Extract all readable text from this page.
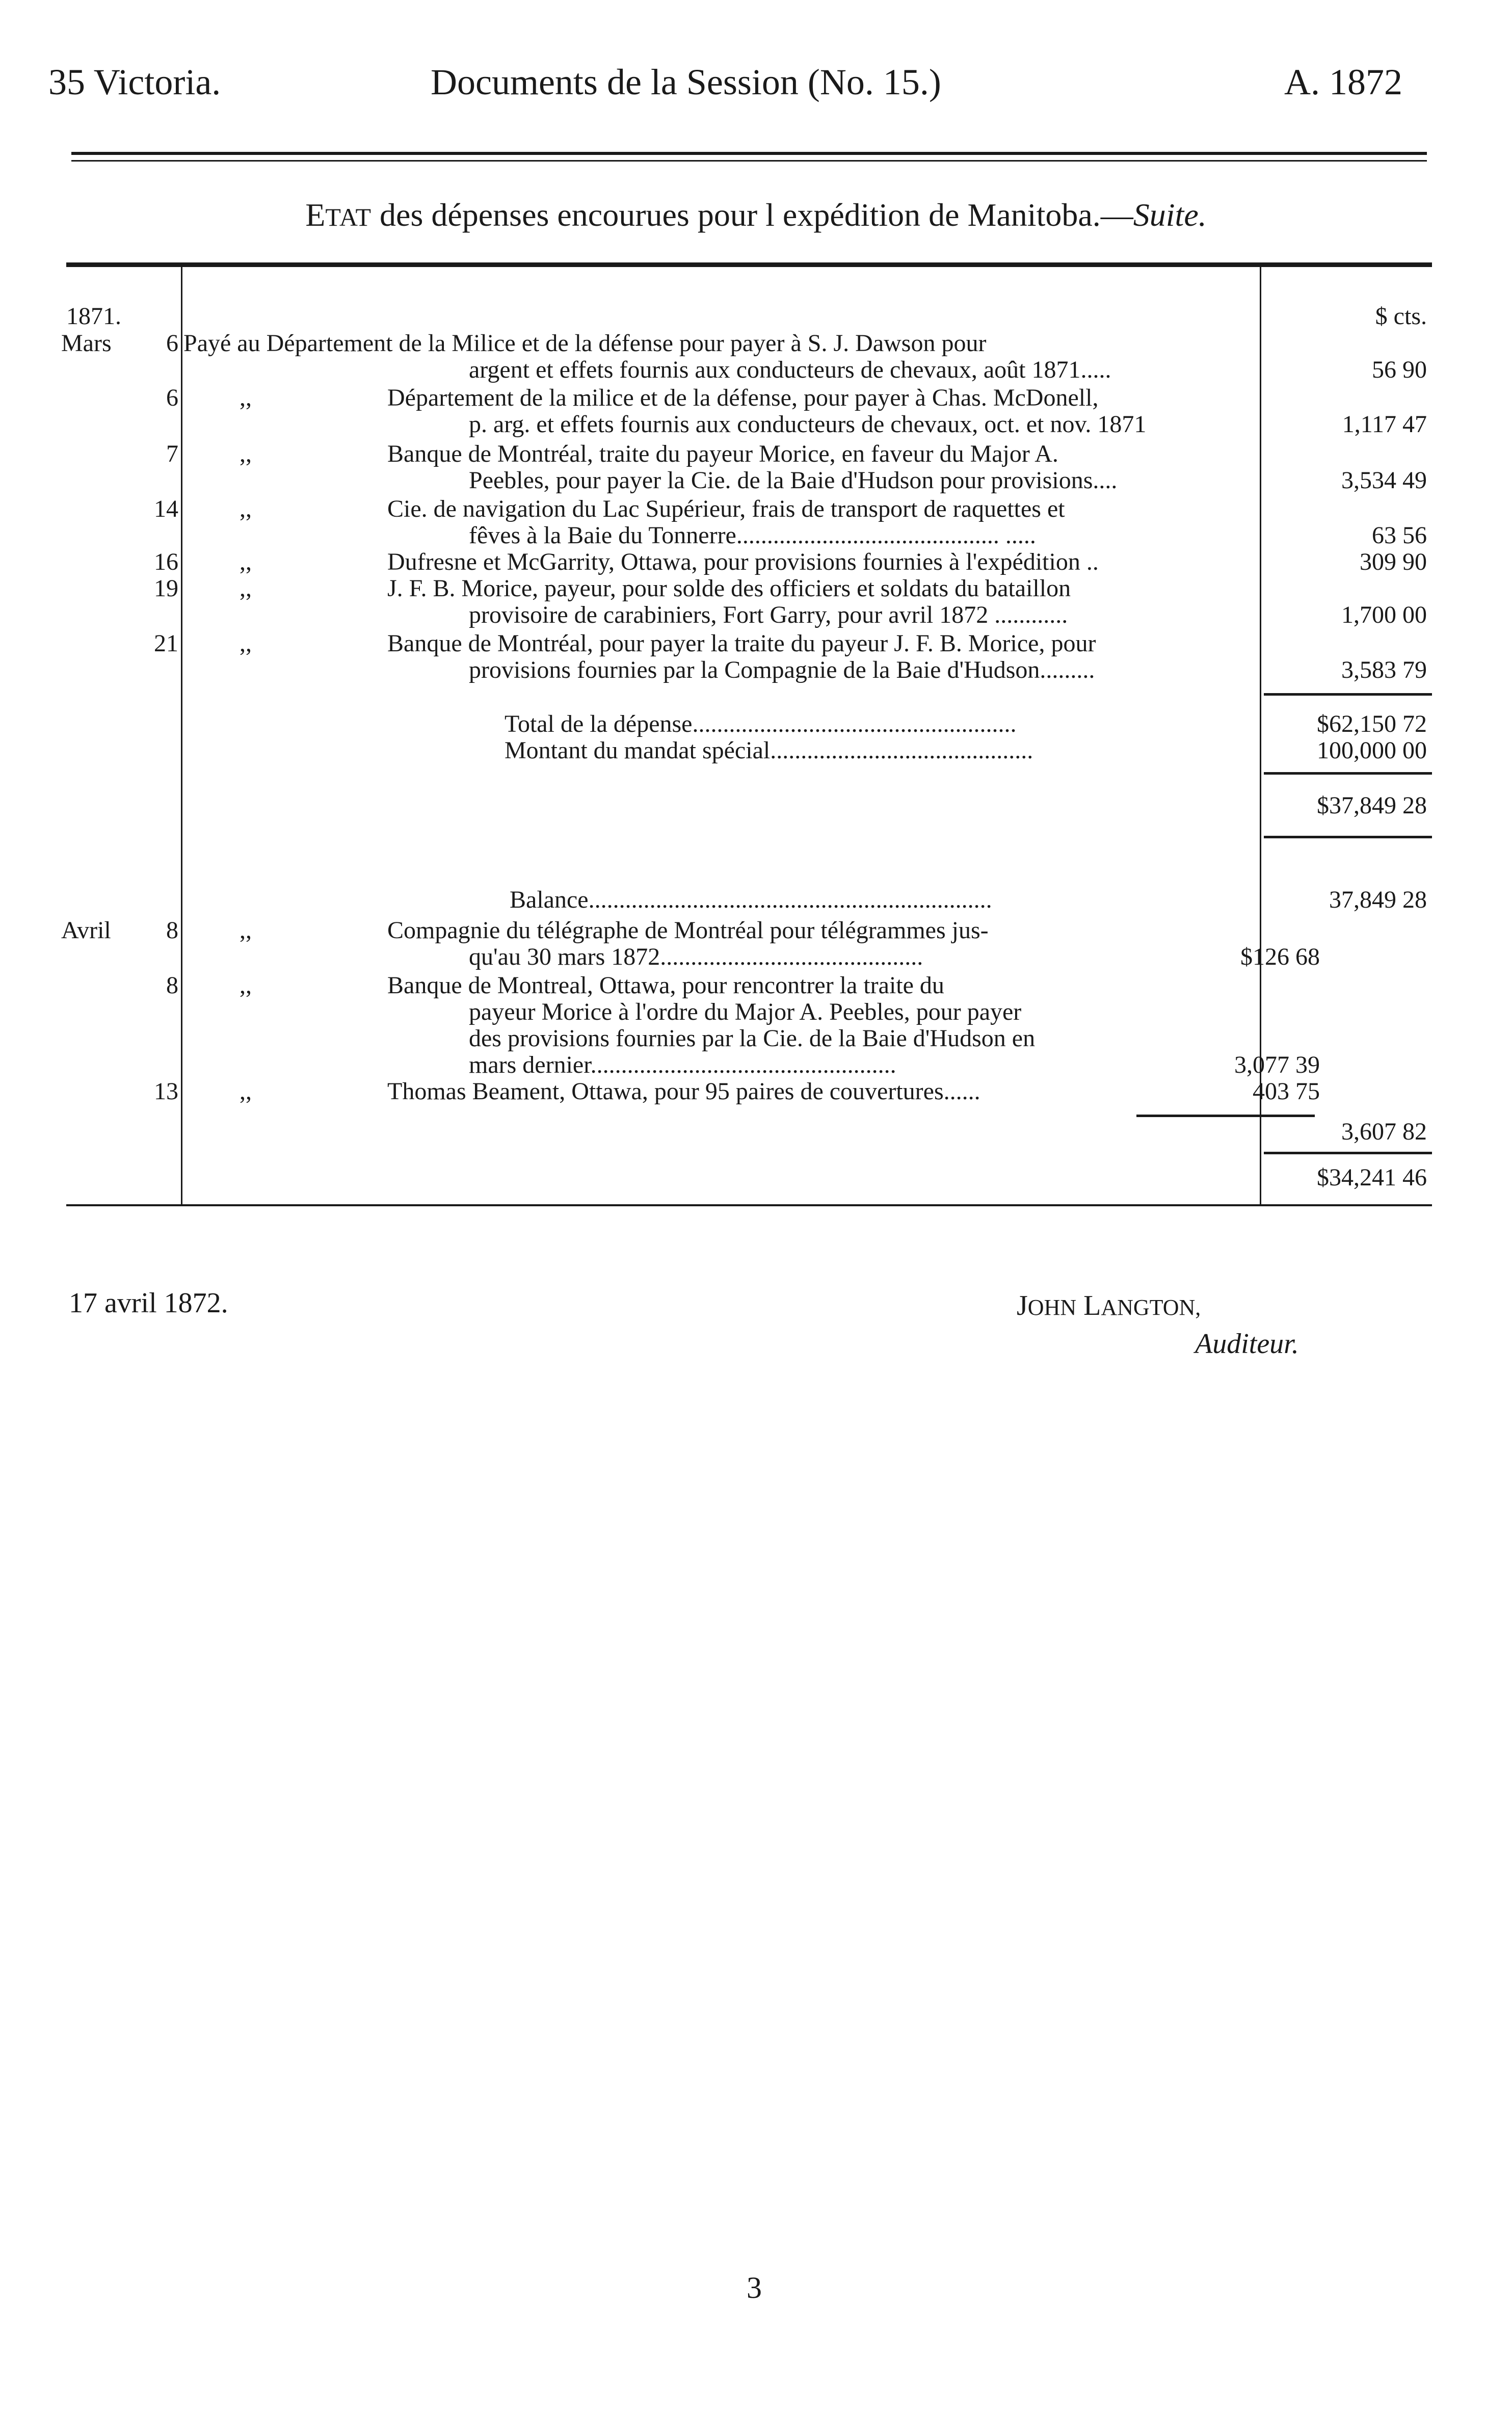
35 Victoria.	Documents de la Session (No. 15.)	A. 1872
ETAT des dépenses encourues pour l expédition de Manitoba.—Suite.
1871.	$ cts.
Mars	6 Payé au Département de la Milice et de la défense pour payer à S. J. Dawson pour
argent et effets fournis aux conducteurs de chevaux, août 1871.....	56 90
6	,,	Département de la milice et de la défense, pour payer à Chas. McDonell,
p. arg. et effets fournis aux conducteurs de chevaux, oct. et nov. 1871	1,117 47
7	,,	Banque de Montréal, traite du payeur Morice, en faveur du Major A.
Peebles, pour payer la Cie. de la Baie d'Hudson pour provisions....	3,534 49
14	,,	Cie. de navigation du Lac Supérieur, frais de transport de raquettes et
fêves à la Baie du Tonnerre........................................... .....	63 56
16	,,	Dufresne et McGarrity, Ottawa, pour provisions fournies à l'expédition ..	309 90
19	,,	J. F. B. Morice, payeur, pour solde des officiers et soldats du bataillon
provisoire de carabiniers, Fort Garry, pour avril 1872 ............	1,700 00
21	,,	Banque de Montréal, pour payer la traite du payeur J. F. B. Morice, pour
provisions fournies par la Compagnie de la Baie d'Hudson.........	3,583 79
Total de la dépense.....................................................	$62,150 72
Montant du mandat spécial...........................................	100,000 00
$37,849 28
Balance..................................................................	37,849 28
Avril	8	,,	Compagnie du télégraphe de Montréal pour télégrammes jus-
qu'au 30 mars 1872...........................................	$126 68
8	,,	Banque de Montreal, Ottawa, pour rencontrer la traite du
payeur Morice à l'ordre du Major A. Peebles, pour payer
des provisions fournies par la Cie. de la Baie d'Hudson en
mars dernier..................................................	3,077 39
13	,,	Thomas Beament, Ottawa, pour 95 paires de couvertures......	403 75
3,607 82
$34,241 46
17 avril 1872.	JOHN LANGTON,
Auditeur.
3
